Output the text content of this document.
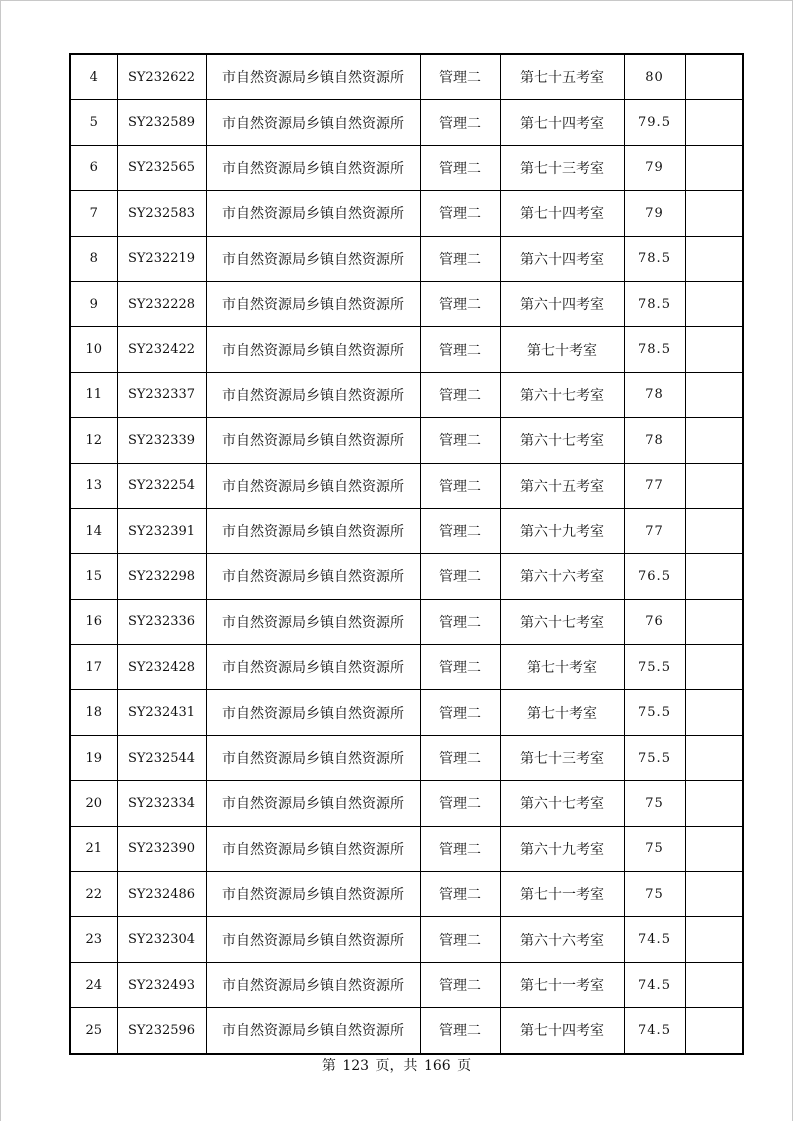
4	SY232622	市自然资源局乡镇自然资源所	管理二	第七十五考室	80	
5	SY232589	市自然资源局乡镇自然资源所	管理二	第七十四考室	79.5	
6	SY232565	市自然资源局乡镇自然资源所	管理二	第七十三考室	79	
7	SY232583	市自然资源局乡镇自然资源所	管理二	第七十四考室	79	
8	SY232219	市自然资源局乡镇自然资源所	管理二	第六十四考室	78.5	
9	SY232228	市自然资源局乡镇自然资源所	管理二	第六十四考室	78.5	
10	SY232422	市自然资源局乡镇自然资源所	管理二	第七十考室	78.5	
11	SY232337	市自然资源局乡镇自然资源所	管理二	第六十七考室	78	
12	SY232339	市自然资源局乡镇自然资源所	管理二	第六十七考室	78	
13	SY232254	市自然资源局乡镇自然资源所	管理二	第六十五考室	77	
14	SY232391	市自然资源局乡镇自然资源所	管理二	第六十九考室	77	
15	SY232298	市自然资源局乡镇自然资源所	管理二	第六十六考室	76.5	
16	SY232336	市自然资源局乡镇自然资源所	管理二	第六十七考室	76	
17	SY232428	市自然资源局乡镇自然资源所	管理二	第七十考室	75.5	
18	SY232431	市自然资源局乡镇自然资源所	管理二	第七十考室	75.5	
19	SY232544	市自然资源局乡镇自然资源所	管理二	第七十三考室	75.5	
20	SY232334	市自然资源局乡镇自然资源所	管理二	第六十七考室	75	
21	SY232390	市自然资源局乡镇自然资源所	管理二	第六十九考室	75	
22	SY232486	市自然资源局乡镇自然资源所	管理二	第七十一考室	75	
23	SY232304	市自然资源局乡镇自然资源所	管理二	第六十六考室	74.5	
24	SY232493	市自然资源局乡镇自然资源所	管理二	第七十一考室	74.5	
25	SY232596	市自然资源局乡镇自然资源所	管理二	第七十四考室	74.5	
第 123 页，共 166 页
